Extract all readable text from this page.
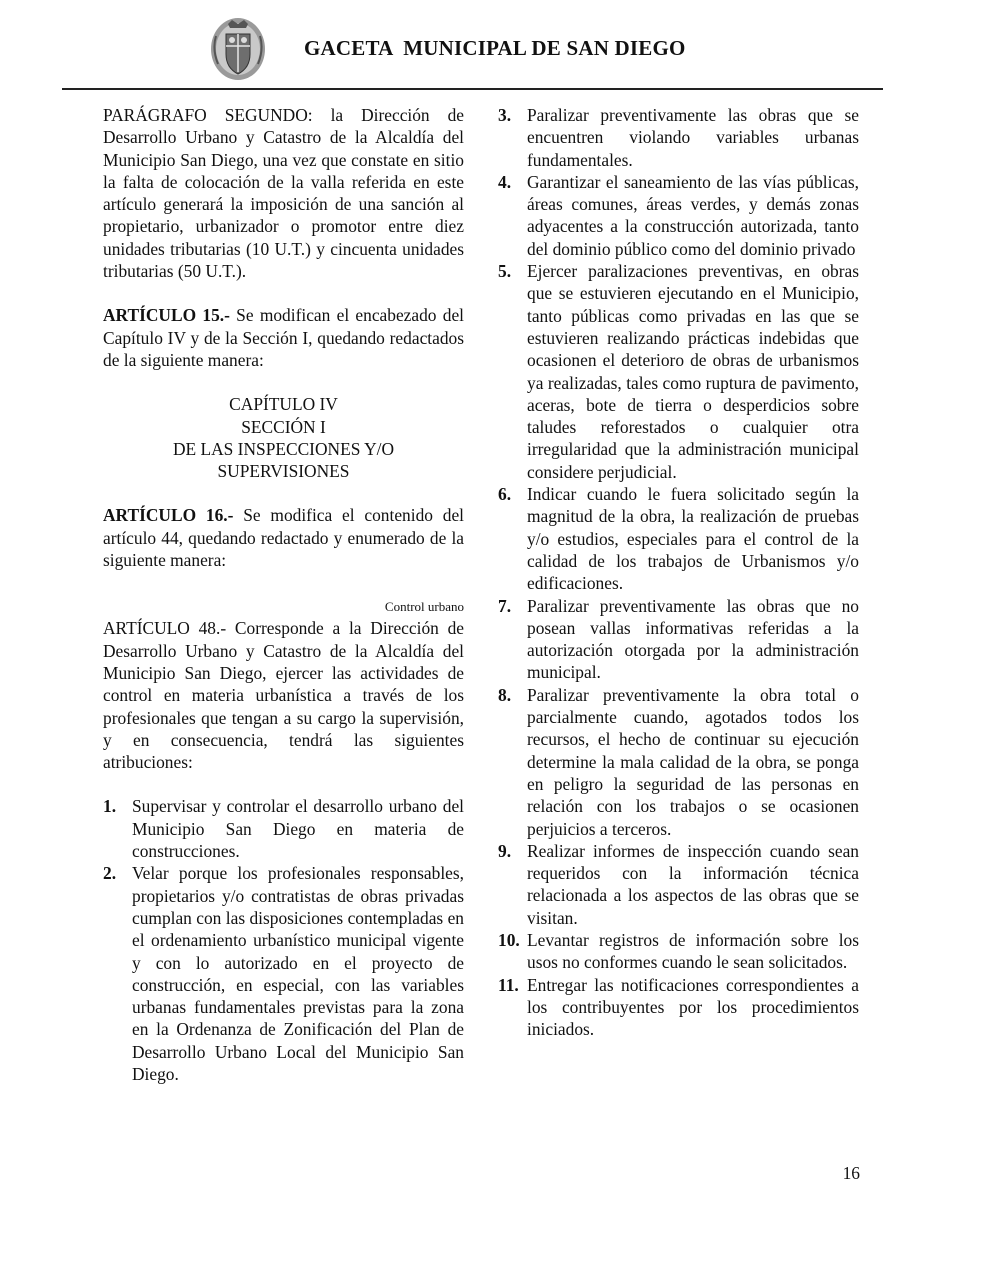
GACETA  MUNICIPAL DE SAN DIEGO

PARÁGRAFO SEGUNDO: la Dirección de Desarrollo Urbano y Catastro de la Alcaldía del Municipio San Diego, una vez que constate en sitio la falta de colocación de la valla referida en este artículo generará la imposición de una sanción al propietario, urbanizador o promotor entre diez unidades tributarias (10 U.T.) y cincuenta unidades tributarias (50 U.T.).

ARTÍCULO 15.- Se modifican el encabezado del Capítulo IV y de la Sección I, quedando redactados de la siguiente manera:

CAPÍTULO IV
SECCIÓN I
DE LAS INSPECCIONES Y/O
SUPERVISIONES

ARTÍCULO 16.- Se modifica el contenido del artículo 44, quedando redactado y enumerado de la siguiente manera:

Control urbano

ARTÍCULO 48.- Corresponde a la Dirección de Desarrollo Urbano y Catastro de la Alcaldía del Municipio San Diego, ejercer las actividades de control en materia urbanística a través de los profesionales que tengan a su cargo la supervisión, y en consecuencia, tendrá las siguientes atribuciones:

1. Supervisar y controlar el desarrollo urbano del Municipio San Diego en materia de construcciones.
2. Velar porque los profesionales responsables, propietarios y/o contratistas de obras privadas cumplan con las disposiciones contempladas en el ordenamiento urbanístico municipal vigente y con lo autorizado en el proyecto de construcción, en especial, con las variables urbanas fundamentales previstas para la zona en la Ordenanza de Zonificación del Plan de Desarrollo Urbano Local del Municipio San Diego.
3. Paralizar preventivamente las obras que se encuentren violando variables urbanas fundamentales.
4. Garantizar el saneamiento de las vías públicas, áreas comunes, áreas verdes, y demás zonas adyacentes a la construcción autorizada, tanto del dominio público como del dominio privado
5. Ejercer paralizaciones preventivas, en obras que se estuvieren ejecutando en el Municipio, tanto públicas como privadas en las que se estuvieren realizando prácticas indebidas que ocasionen el deterioro de obras de urbanismos ya realizadas, tales como ruptura de pavimento, aceras, bote de tierra o desperdicios sobre taludes reforestados o cualquier otra irregularidad que la administración municipal considere perjudicial.
6. Indicar cuando le fuera solicitado según la magnitud de la obra, la realización de pruebas y/o estudios, especiales para el control de la calidad de los trabajos de Urbanismos y/o edificaciones.
7. Paralizar preventivamente las obras que no posean vallas informativas referidas a la autorización otorgada por la administración municipal.
8. Paralizar preventivamente la obra total o parcialmente cuando, agotados todos los recursos, el hecho de continuar su ejecución determine la mala calidad de la obra, se ponga en peligro la seguridad de las personas en relación con los trabajos o se ocasionen perjuicios a terceros.
9. Realizar informes de inspección cuando sean requeridos con la información técnica relacionada a los aspectos de las obras que se visitan.
10. Levantar registros de información sobre los usos no conformes cuando le sean solicitados.
11. Entregar las notificaciones correspondientes a los contribuyentes por los procedimientos iniciados.
16
